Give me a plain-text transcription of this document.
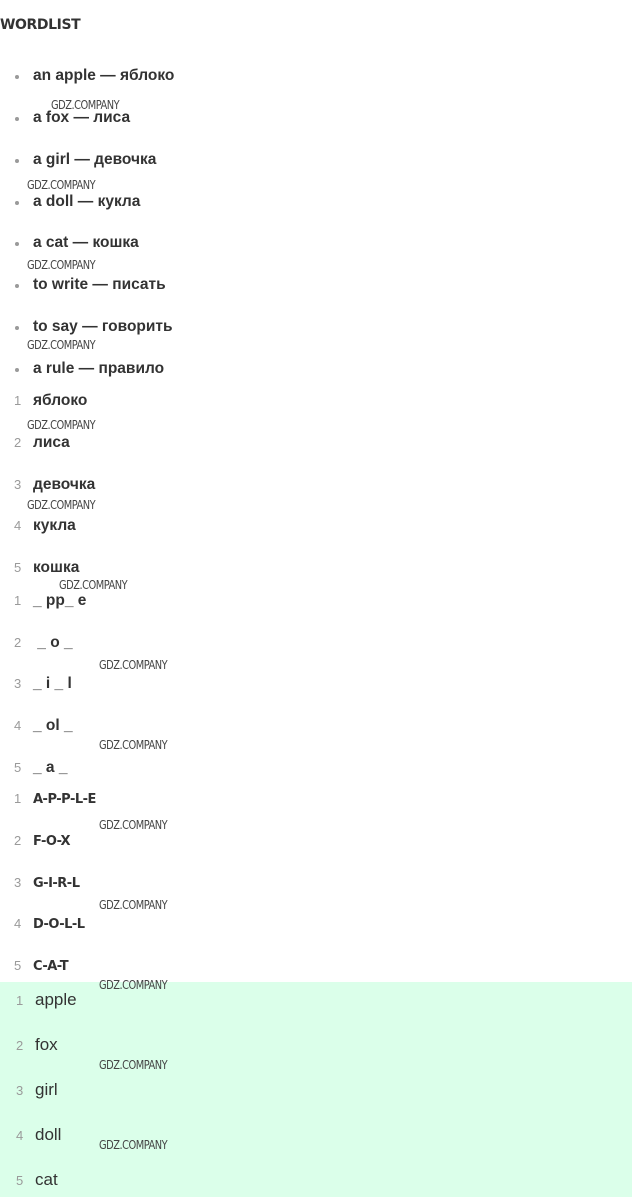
WORDLIST
an apple — яблоко
a fox — лиса
a girl — девочка
a doll — кукла
a cat — кошка
to write — писать
to say — говорить
a rule — правило
1 яблоко
2 лиса
3 девочка
4 кукла
5 кошка
1 _ pp_ e
2 _ o _
3 _ i _ l
4 _ ol _
5 _ a _
1 A-P-P-L-E
2 F-O-X
3 G-I-R-L
4 D-O-L-L
5 C-A-T
1 apple
2 fox
3 girl
4 doll
5 cat
GDZ.COMPANY
GDZ.COMPANY
GDZ.COMPANY
GDZ.COMPANY
GDZ.COMPANY
GDZ.COMPANY
GDZ.COMPANY
GDZ.COMPANY
GDZ.COMPANY
GDZ.COMPANY
GDZ.COMPANY
GDZ.COMPANY
GDZ.COMPANY
GDZ.COMPANY
